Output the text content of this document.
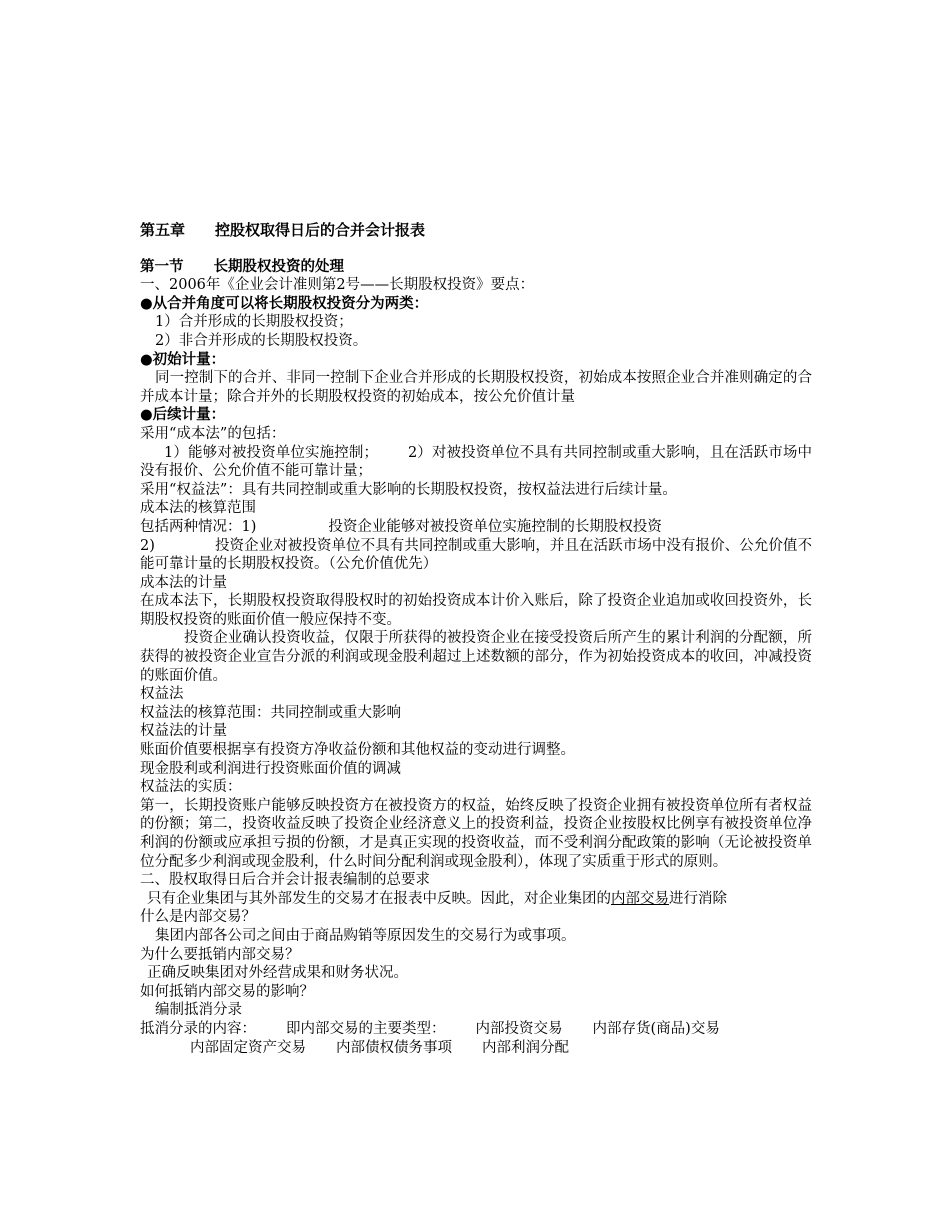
第五章 控股权取得日后的合并会计报表
第一节 长期股权投资的处理
一、2006年《企业会计准则第2号——长期股权投资》要点：
●从合并角度可以将长期股权投资分为两类：
1）合并形成的长期股权投资；
2）非合并形成的长期股权投资。
●初始计量：
同一控制下的合并、非同一控制下企业合并形成的长期股权投资，初始成本按照企业合并准则确定的合并成本计量；除合并外的长期股权投资的初始成本，按公允价值计量
●后续计量：
采用“成本法”的包括：
1）能够对被投资单位实施控制； 2）对被投资单位不具有共同控制或重大影响，且在活跃市场中没有报价、公允价值不能可靠计量；
采用“权益法”：具有共同控制或重大影响的长期股权投资，按权益法进行后续计量。
成本法的核算范围
包括两种情况：1)	投资企业能够对被投资单位实施控制的长期股权投资
2)	投资企业对被投资单位不具有共同控制或重大影响，并且在活跃市场中没有报价、公允价值不能可靠计量的长期股权投资。（公允价值优先）
成本法的计量
在成本法下，长期股权投资取得股权时的初始投资成本计价入账后，除了投资企业追加或收回投资外，长期股权投资的账面价值一般应保持不变。
投资企业确认投资收益，仅限于所获得的被投资企业在接受投资后所产生的累计利润的分配额，所获得的被投资企业宣告分派的利润或现金股利超过上述数额的部分，作为初始投资成本的收回，冲减投资的账面价值。
权益法
权益法的核算范围：共同控制或重大影响
权益法的计量
账面价值要根据享有投资方净收益份额和其他权益的变动进行调整。
现金股利或利润进行投资账面价值的调减
权益法的实质：
第一，长期投资账户能够反映投资方在被投资方的权益，始终反映了投资企业拥有被投资单位所有者权益的份额；第二，投资收益反映了投资企业经济意义上的投资利益，投资企业按股权比例享有被投资单位净利润的份额或应承担亏损的份额，才是真正实现的投资收益，而不受利润分配政策的影响（无论被投资单位分配多少利润或现金股利，什么时间分配利润或现金股利），体现了实质重于形式的原则。
二、股权取得日后合并会计报表编制的总要求
只有企业集团与其外部发生的交易才在报表中反映。因此，对企业集团的内部交易进行消除
什么是内部交易？
集团内部各公司之间由于商品购销等原因发生的交易行为或事项。
为什么要抵销内部交易？
正确反映集团对外经营成果和财务状况。
如何抵销内部交易的影响？
编制抵消分录
抵消分录的内容： 即内部交易的主要类型： 内部投资交易 内部存货(商品)交易
内部固定资产交易 内部债权债务事项 内部利润分配
